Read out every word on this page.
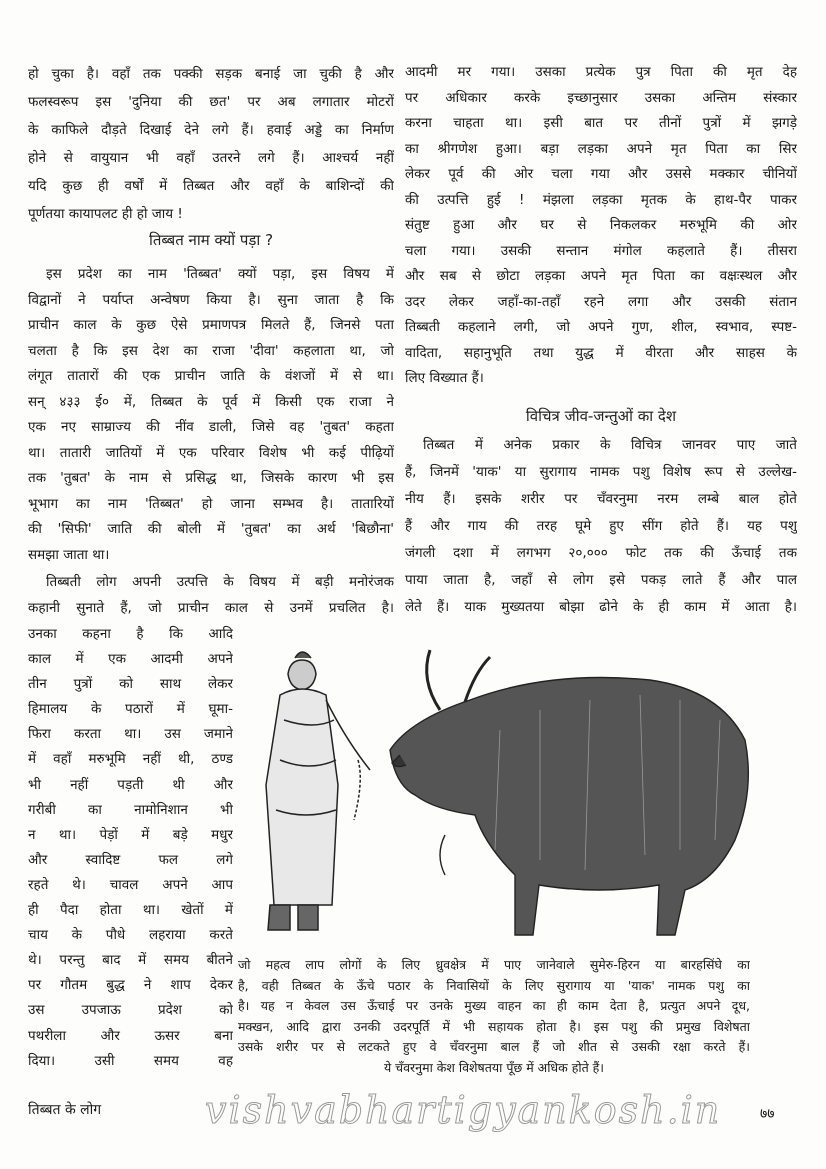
हो चुका है। वहाँ तक पक्की सड़क बनाई जा चुकी है और
फलस्वरूप इस 'दुनिया की छत' पर अब लगातार मोटरों
के काफिले दौड़ते दिखाई देने लगे हैं। हवाई अड्डे का निर्माण
होने से वायुयान भी वहाँ उतरने लगे हैं। आश्चर्य नहीं
यदि कुछ ही वर्षों में तिब्बत और वहाँ के बाशिन्दों की
पूर्णतया कायापलट ही हो जाय !
तिब्बत नाम क्यों पड़ा ?
इस प्रदेश का नाम 'तिब्बत' क्यों पड़ा, इस विषय में
विद्वानों ने पर्याप्त अन्वेषण किया है। सुना जाता है कि
प्राचीन काल के कुछ ऐसे प्रमाणपत्र मिलते हैं, जिनसे पता
चलता है कि इस देश का राजा 'दीवा' कहलाता था, जो
लंगूत तातारों की एक प्राचीन जाति के वंशजों में से था।
सन् ४३३ ई० में, तिब्बत के पूर्व में किसी एक राजा ने
एक नए साम्राज्य की नींव डाली, जिसे वह 'तुबत' कहता
था। तातारी जातियों में एक परिवार विशेष भी कई पीढ़ियों
तक 'तुबत' के नाम से प्रसिद्ध था, जिसके कारण भी इस
भूभाग का नाम 'तिब्बत' हो जाना सम्भव है। तातारियों
की 'सिफी' जाति की बोली में 'तुबत' का अर्थ 'बिछौना'
समझा जाता था।
तिब्बती लोग अपनी उत्पत्ति के विषय में बड़ी मनोरंजक
कहानी सुनाते हैं, जो प्राचीन काल से उनमें प्रचलित है।
उनका कहना है कि आदि
काल में एक आदमी अपने
तीन पुत्रों को साथ लेकर
हिमालय के पठारों में घूमा-
फिरा करता था। उस जमाने
में वहाँ मरुभूमि नहीं थी, ठण्ड
भी नहीं पड़ती थी और
गरीबी का नामोनिशान भी
न था। पेड़ों में बड़े मधुर
और स्वादिष्ट फल लगे
रहते थे। चावल अपने आप
ही पैदा होता था। खेतों में
चाय के पौधे लहराया करते
थे। परन्तु बाद में समय बीतने
पर गौतम बुद्ध ने शाप देकर
उस उपजाऊ प्रदेश को
पथरीला और ऊसर बना
दिया। उसी समय वह
आदमी मर गया। उसका प्रत्येक पुत्र पिता की मृत देह
पर अधिकार करके इच्छानुसार उसका अन्तिम संस्कार
करना चाहता था। इसी बात पर तीनों पुत्रों में झगड़े
का श्रीगणेश हुआ। बड़ा लड़का अपने मृत पिता का सिर
लेकर पूर्व की ओर चला गया और उससे मक्कार चीनियों
की उत्पत्ति हुई ! मंझला लड़का मृतक के हाथ-पैर पाकर
संतुष्ट हुआ और घर से निकलकर मरुभूमि की ओर
चला गया। उसकी सन्तान मंगोल कहलाते हैं। तीसरा
और सब से छोटा लड़का अपने मृत पिता का वक्षःस्थल और
उदर लेकर जहाँ-का-तहाँ रहने लगा और उसकी संतान
तिब्बती कहलाने लगी, जो अपने गुण, शील, स्वभाव, स्पष्ट-
वादिता, सहानुभूति तथा युद्ध में वीरता और साहस के
लिए विख्यात हैं।
विचित्र जीव-जन्तुओं का देश
तिब्बत में अनेक प्रकार के विचित्र जानवर पाए जाते
हैं, जिनमें 'याक' या सुरागाय नामक पशु विशेष रूप से उल्लेख-
नीय हैं। इसके शरीर पर चँवरनुमा नरम लम्बे बाल होते
हैं और गाय की तरह घूमे हुए सींग होते हैं। यह पशु
जंगली दशा में लगभग २०,००० फोट तक की ऊँचाई तक
पाया जाता है, जहाँ से लोग इसे पकड़ लाते हैं और पाल
लेते हैं। याक मुख्यतया बोझा ढोने के ही काम में आता है।
जो महत्व लाप लोगों के लिए ध्रुवक्षेत्र में पाए जानेवाले सुमेरु-हिरन या बारहसिंघे का
है, वही तिब्बत के ऊँचे पठार के निवासियों के लिए सुरागाय या 'याक' नामक पशु का
है। यह न केवल उस ऊँचाई पर उनके मुख्य वाहन का ही काम देता है, प्रत्युत अपने दूध,
मक्खन, आदि द्वारा उनकी उदरपूर्ति में भी सहायक होता है। इस पशु की प्रमुख विशेषता
उसके शरीर पर से लटकते हुए वे चँवरनुमा बाल हैं जो शीत से उसकी रक्षा करते हैं।
ये चँवरनुमा केश विशेषतया पूँछ में अधिक होते हैं।
तिब्बत के लोग	vishvabhartigyankosh.in	७७
